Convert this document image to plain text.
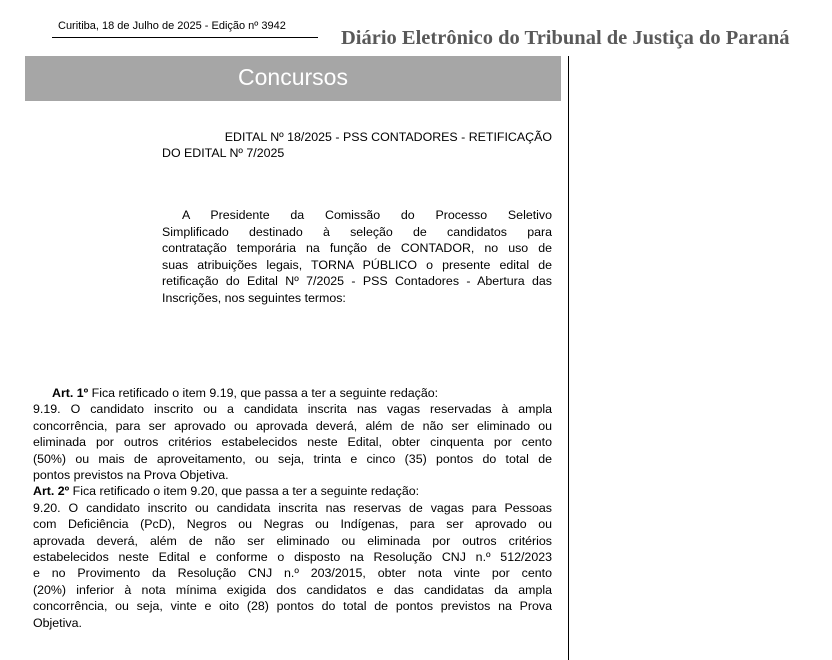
Curitiba, 18 de Julho de 2025 - Edição nº 3942
Diário Eletrônico do Tribunal de Justiça do Paraná
Concursos
EDITAL Nº 18/2025 - PSS CONTADORES - RETIFICAÇÃO
DO EDITAL Nº 7/2025

A Presidente da Comissão do Processo Seletivo

Simplificado destinado à seleção de candidatos para

contratação temporária na função de CONTADOR, no uso de

suas atribuições legais, TORNA PÚBLICO o presente edital de

retificação do Edital Nº 7/2025 - PSS Contadores - Abertura das

Inscrições, nos seguintes termos:

Art. 1º Fica retificado o item 9.19, que passa a ter a seguinte redação:
9.19. O candidato inscrito ou a candidata inscrita nas vagas reservadas à ampla
concorrência, para ser aprovado ou aprovada deverá, além de não ser eliminado ou
eliminada por outros critérios estabelecidos neste Edital, obter cinquenta por cento
(50%) ou mais de aproveitamento, ou seja, trinta e cinco (35) pontos do total de
pontos previstos na Prova Objetiva.
Art. 2º Fica retificado o item 9.20, que passa a ter a seguinte redação:
9.20. O candidato inscrito ou candidata inscrita nas reservas de vagas para Pessoas
com Deficiência (PcD), Negros ou Negras ou Indígenas, para ser aprovado ou
aprovada deverá, além de não ser eliminado ou eliminada por outros critérios
estabelecidos neste Edital e conforme o disposto na Resolução CNJ n.º 512/2023
e no Provimento da Resolução CNJ n.º 203/2015, obter nota vinte por cento
(20%) inferior à nota mínima exigida dos candidatos e das candidatas da ampla
concorrência, ou seja, vinte e oito (28) pontos do total de pontos previstos na Prova
Objetiva.
